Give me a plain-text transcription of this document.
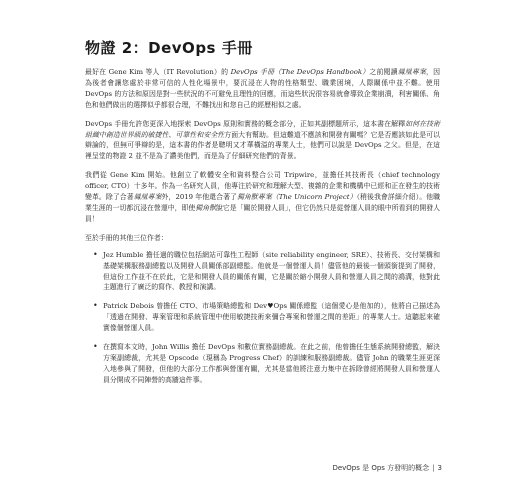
物證 2：DevOps 手冊

最好在 Gene Kim 等人（IT Revolution）的 DevOps 手冊（The DevOps Handbook）之前閱讀鳳凰專案，因為後者會讓您處於非常可信的人性化場景中，要沉浸在人物的性格類型、職業困境，人際關係中並不難。使用 DevOps 的方法和原因是對一些狀況的不可避免且理性的回應，而這些狀況很容易就會導致企業崩潰，利害關係、角色和他們做出的選擇似乎都很合理，不難找出和您自己的經歷相似之處。

DevOps 手冊允許您更深入地探索 DevOps 原則和實務的概念部分，正如其副標題所示，這本書在解釋如何在技術組織中創造世界級的敏捷性、可靠性和安全性方面大有幫助。但這難道不應該和開發有關嗎？它是否應該如此是可以辯論的，但無可爭辯的是，這本書的作者是聰明又才華橫溢的專業人士，他們可以說是 DevOps 之父。但是，在這裡呈堂的物證 2 並不是為了讚美他們，而是為了仔細研究他們的背景。

我們從 Gene Kim 開始。他創立了軟體安全和資料整合公司 Tripwire，並擔任其技術長（chief technology officer, CTO）十多年。作為一名研究人員，他專注於研究和理解大型、複雜的企業和機構中已經和正在發生的技術變革。除了合著鳳凰專案外，2019 年他還合著了獨角獸專案（The Unicorn Project）（稍後我會詳細介紹）。他職業生涯的一切都沉浸在營運中，即使獨角獸說它是「關於開發人員」，但它仍然只是從營運人員的眼中所看到的開發人員！

至於手冊的其他三位作者：

• Jez Humble 擔任過的職位包括網站可靠性工程師（site reliability engineer, SRE）、技術長、交付架構和基礎架構服務副總監以及開發人員關係部副總監。他就是一個營運人員！儘管他的最後一個頭銜提到了開發，但這份工作並不在於此，它是和開發人員的關係有關，它是關於縮小開發人員和營運人員之間的鴻溝，他對此主題進行了廣泛的寫作、教授和演講。
• Patrick Debois 曾擔任 CTO、市場策略總監和 Dev♥Ops 關係總監（這個愛心是他加的），他將自己描述為「透過在開發、專案管理和系統管理中使用敏捷技術來彌合專案和營運之間的差距」的專業人士。這聽起來確實像個營運人員。
• 在撰寫本文時，John Willis 擔任 DevOps 和數位實務副總裁。在此之前，他曾擔任生態系統開發總監，解決方案副總裁，尤其是 Opscode（現稱為 Progress Chef）的訓練和服務副總裁。儘管 John 的職業生涯更深入地參與了開發，但他的大部分工作都與營運有關，尤其是當他將注意力集中在拆除曾經將開發人員和營運人員分開成不同陣營的高牆這件事。
DevOps 是 Ops 方發明的概念 | 3
